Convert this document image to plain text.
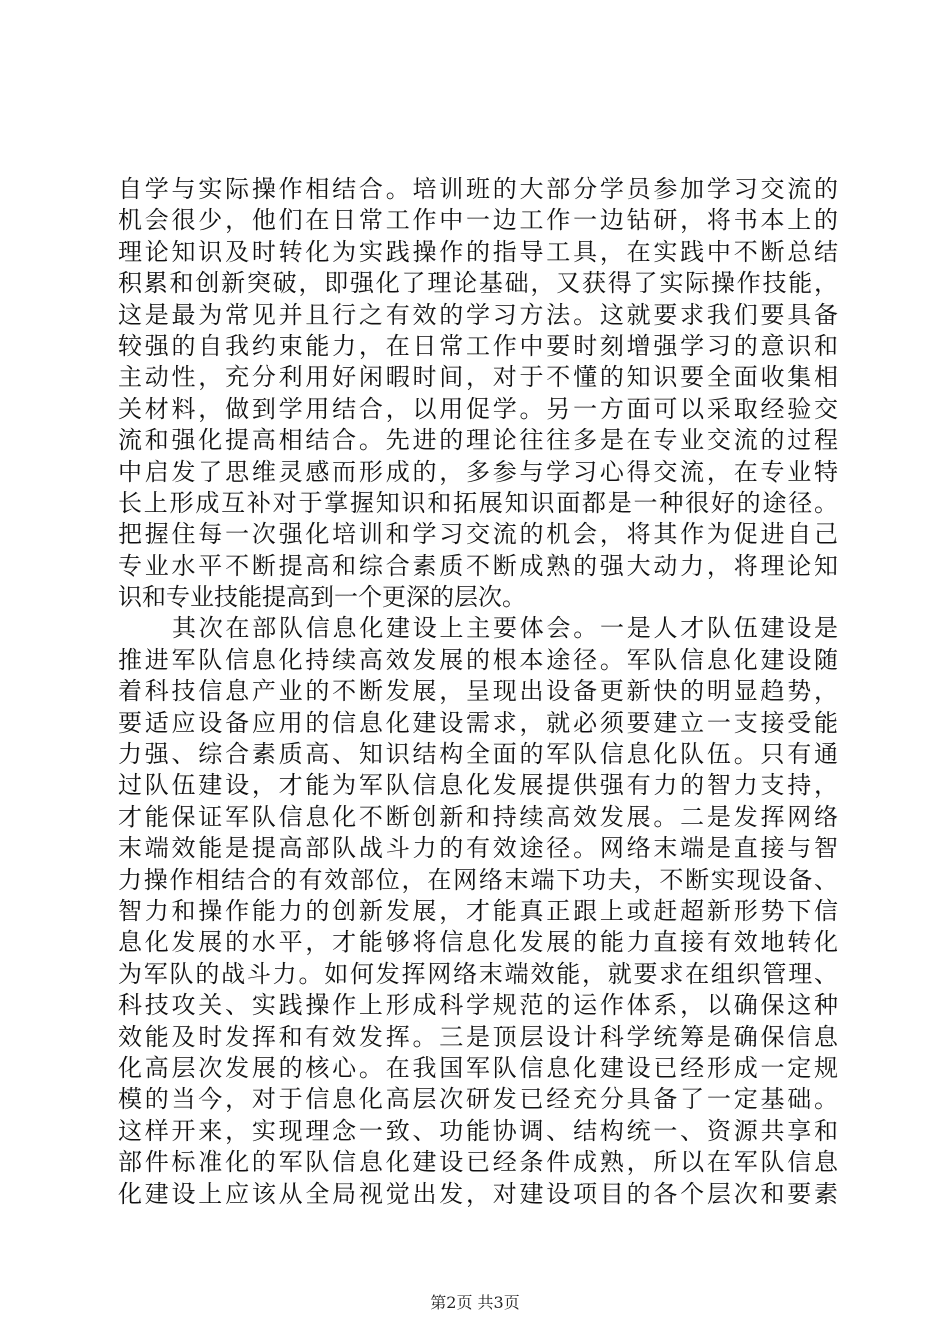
自学与实际操作相结合。培训班的大部分学员参加学习交流的
机会很少，他们在日常工作中一边工作一边钻研，将书本上的
理论知识及时转化为实践操作的指导工具，在实践中不断总结
积累和创新突破，即强化了理论基础，又获得了实际操作技能，
这是最为常见并且行之有效的学习方法。这就要求我们要具备
较强的自我约束能力，在日常工作中要时刻增强学习的意识和
主动性，充分利用好闲暇时间，对于不懂的知识要全面收集相
关材料，做到学用结合，以用促学。另一方面可以采取经验交
流和强化提高相结合。先进的理论往往多是在专业交流的过程
中启发了思维灵感而形成的，多参与学习心得交流，在专业特
长上形成互补对于掌握知识和拓展知识面都是一种很好的途径。
把握住每一次强化培训和学习交流的机会，将其作为促进自己
专业水平不断提高和综合素质不断成熟的强大动力，将理论知
识和专业技能提高到一个更深的层次。
其次在部队信息化建设上主要体会。一是人才队伍建设是
推进军队信息化持续高效发展的根本途径。军队信息化建设随
着科技信息产业的不断发展，呈现出设备更新快的明显趋势，
要适应设备应用的信息化建设需求，就必须要建立一支接受能
力强、综合素质高、知识结构全面的军队信息化队伍。只有通
过队伍建设，才能为军队信息化发展提供强有力的智力支持，
才能保证军队信息化不断创新和持续高效发展。二是发挥网络
末端效能是提高部队战斗力的有效途径。网络末端是直接与智
力操作相结合的有效部位，在网络末端下功夫，不断实现设备、
智力和操作能力的创新发展，才能真正跟上或赶超新形势下信
息化发展的水平，才能够将信息化发展的能力直接有效地转化
为军队的战斗力。如何发挥网络末端效能，就要求在组织管理、
科技攻关、实践操作上形成科学规范的运作体系，以确保这种
效能及时发挥和有效发挥。三是顶层设计科学统筹是确保信息
化高层次发展的核心。在我国军队信息化建设已经形成一定规
模的当今，对于信息化高层次研发已经充分具备了一定基础。
这样开来，实现理念一致、功能协调、结构统一、资源共享和
部件标准化的军队信息化建设已经条件成熟，所以在军队信息
化建设上应该从全局视觉出发，对建设项目的各个层次和要素
第2页 共3页
